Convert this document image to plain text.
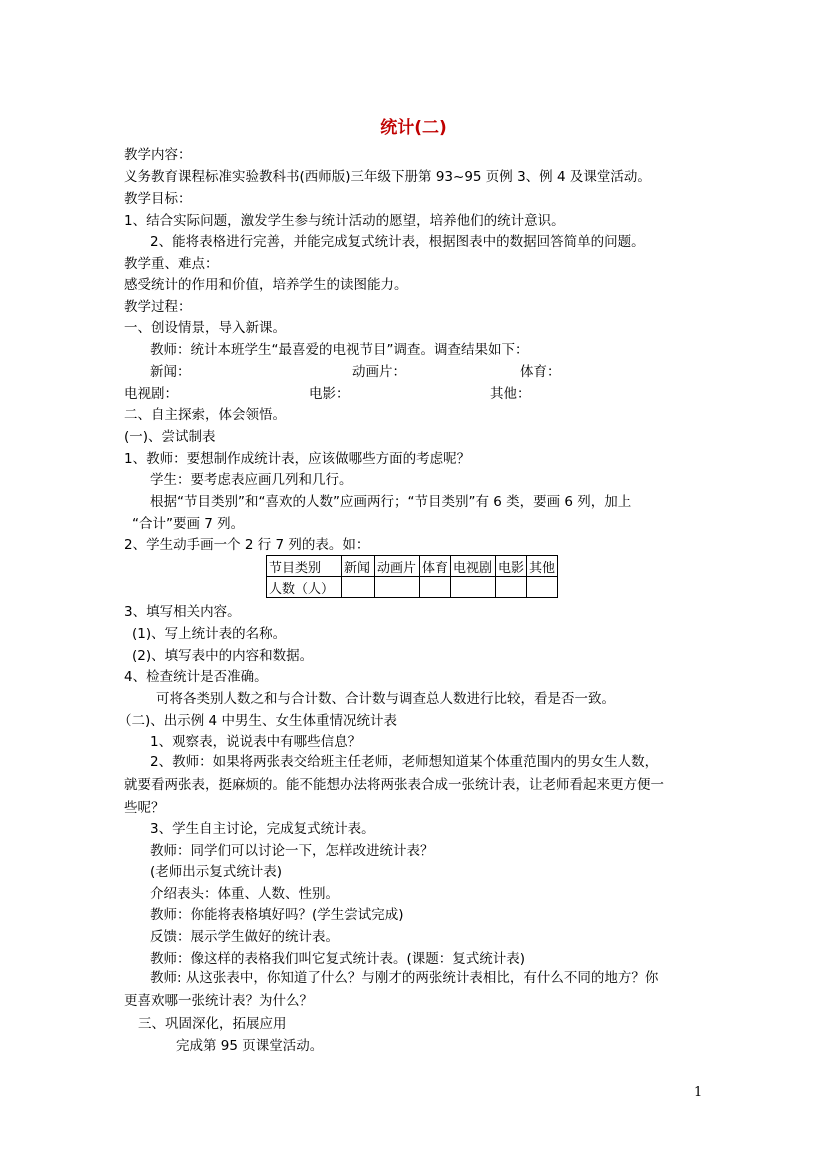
统计(二)
教学内容：
义务教育课程标准实验教科书(西师版)三年级下册第 93~95 页例 3、例 4 及课堂活动。
教学目标：
1、结合实际问题，激发学生参与统计活动的愿望，培养他们的统计意识。
2、能将表格进行完善，并能完成复式统计表，根据图表中的数据回答简单的问题。
教学重、难点：
感受统计的作用和价值，培养学生的读图能力。
教学过程：
一、创设情景，导入新课。
教师：统计本班学生“最喜爱的电视节目”调查。调查结果如下：
新闻：	动画片：	体育：
电视剧：	电影：	其他：
二、自主探索，体会领悟。
(一)、尝试制表
1、教师：要想制作成统计表，应该做哪些方面的考虑呢？
学生：要考虑表应画几列和几行。
根据“节目类别”和“喜欢的人数”应画两行；“节目类别”有 6 类，要画 6 列，加上
“合计”要画 7 列。
2、学生动手画一个 2 行 7 列的表。如：
节目类别	新闻	动画片	体育	电视剧	电影	其他
人数（人）						
3、填写相关内容。
(1)、写上统计表的名称。
(2)、填写表中的内容和数据。
4、检查统计是否准确。
可将各类别人数之和与合计数、合计数与调查总人数进行比较，看是否一致。
（二)、出示例 4 中男生、女生体重情况统计表
1、观察表，说说表中有哪些信息？
2、教师：如果将两张表交给班主任老师，老师想知道某个体重范围内的男女生人数，
就要看两张表，挺麻烦的。能不能想办法将两张表合成一张统计表，让老师看起来更方便一
些呢？
3、学生自主讨论，完成复式统计表。
教师：同学们可以讨论一下，怎样改进统计表？
(老师出示复式统计表)
介绍表头：体重、人数、性别。
教师：你能将表格填好吗？(学生尝试完成)
反馈：展示学生做好的统计表。
教师：像这样的表格我们叫它复式统计表。(课题：复式统计表)
教师: 从这张表中，你知道了什么？与刚才的两张统计表相比，有什么不同的地方？你
更喜欢哪一张统计表？为什么？
三、巩固深化，拓展应用
完成第 95 页课堂活动。
1
